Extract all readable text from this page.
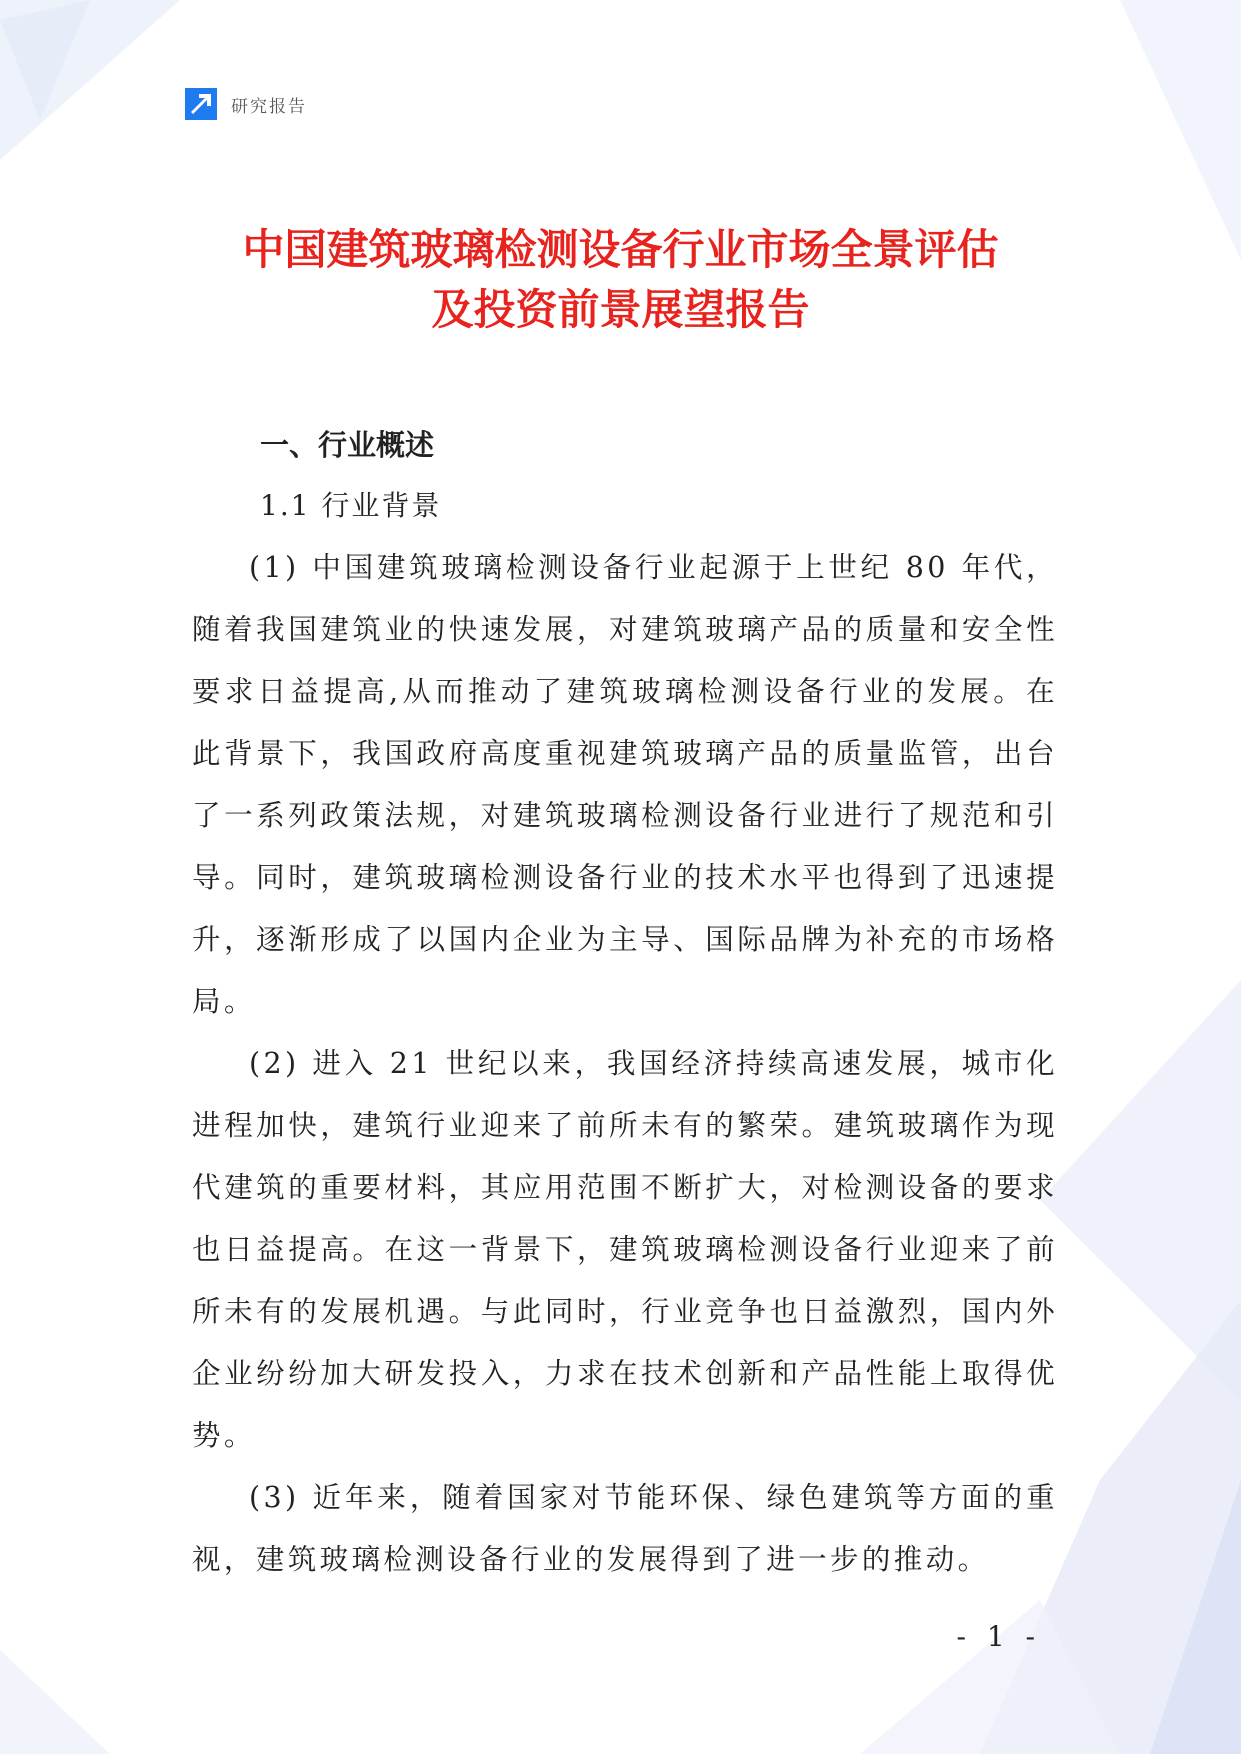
研究报告
中国建筑玻璃检测设备行业市场全景评估
及投资前景展望报告
一、行业概述
1.1 行业背景
(1) 中国建筑玻璃检测设备行业起源于上世纪 80 年代，随着我国建筑业的快速发展，对建筑玻璃产品的质量和安全性要求日益提高,从而推动了建筑玻璃检测设备行业的发展。在此背景下，我国政府高度重视建筑玻璃产品的质量监管，出台了一系列政策法规，对建筑玻璃检测设备行业进行了规范和引导。同时，建筑玻璃检测设备行业的技术水平也得到了迅速提升，逐渐形成了以国内企业为主导、国际品牌为补充的市场格局。
(2) 进入 21 世纪以来，我国经济持续高速发展，城市化进程加快，建筑行业迎来了前所未有的繁荣。建筑玻璃作为现代建筑的重要材料，其应用范围不断扩大，对检测设备的要求也日益提高。在这一背景下，建筑玻璃检测设备行业迎来了前所未有的发展机遇。与此同时，行业竞争也日益激烈，国内外企业纷纷加大研发投入，力求在技术创新和产品性能上取得优势。
(3) 近年来，随着国家对节能环保、绿色建筑等方面的重视，建筑玻璃检测设备行业的发展得到了进一步的推动。
- 1 -
